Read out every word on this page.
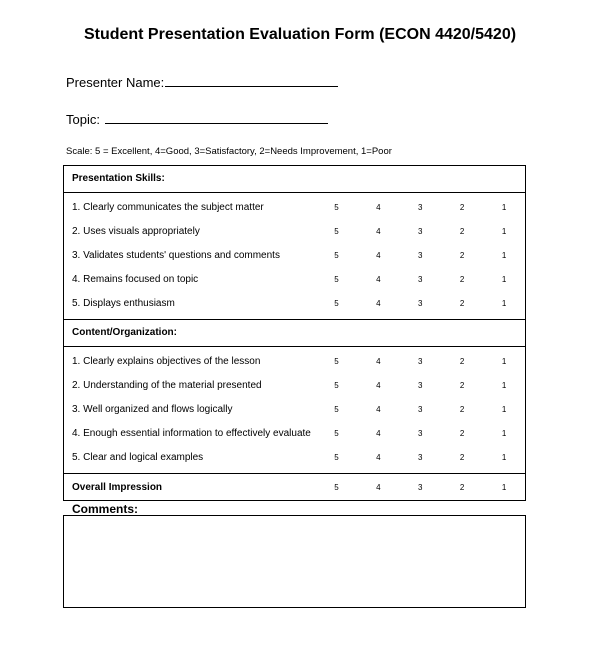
Student Presentation Evaluation Form (ECON 4420/5420)
Presenter Name:
Topic:
Scale: 5 = Excellent, 4=Good, 3=Satisfactory, 2=Needs Improvement, 1=Poor
Presentation Skills:
1. Clearly communicates the subject matter	5	4	3	2	1
2. Uses visuals appropriately	5	4	3	2	1
3. Validates students' questions and comments	5	4	3	2	1
4. Remains focused on topic	5	4	3	2	1
5. Displays enthusiasm	5	4	3	2	1
Content/Organization:
1. Clearly explains objectives of the lesson	5	4	3	2	1
2. Understanding of the material presented	5	4	3	2	1
3. Well organized and flows logically	5	4	3	2	1
4. Enough essential information to effectively evaluate	5	4	3	2	1
5. Clear and logical examples	5	4	3	2	1
Overall Impression	5	4	3	2	1
Comments:
